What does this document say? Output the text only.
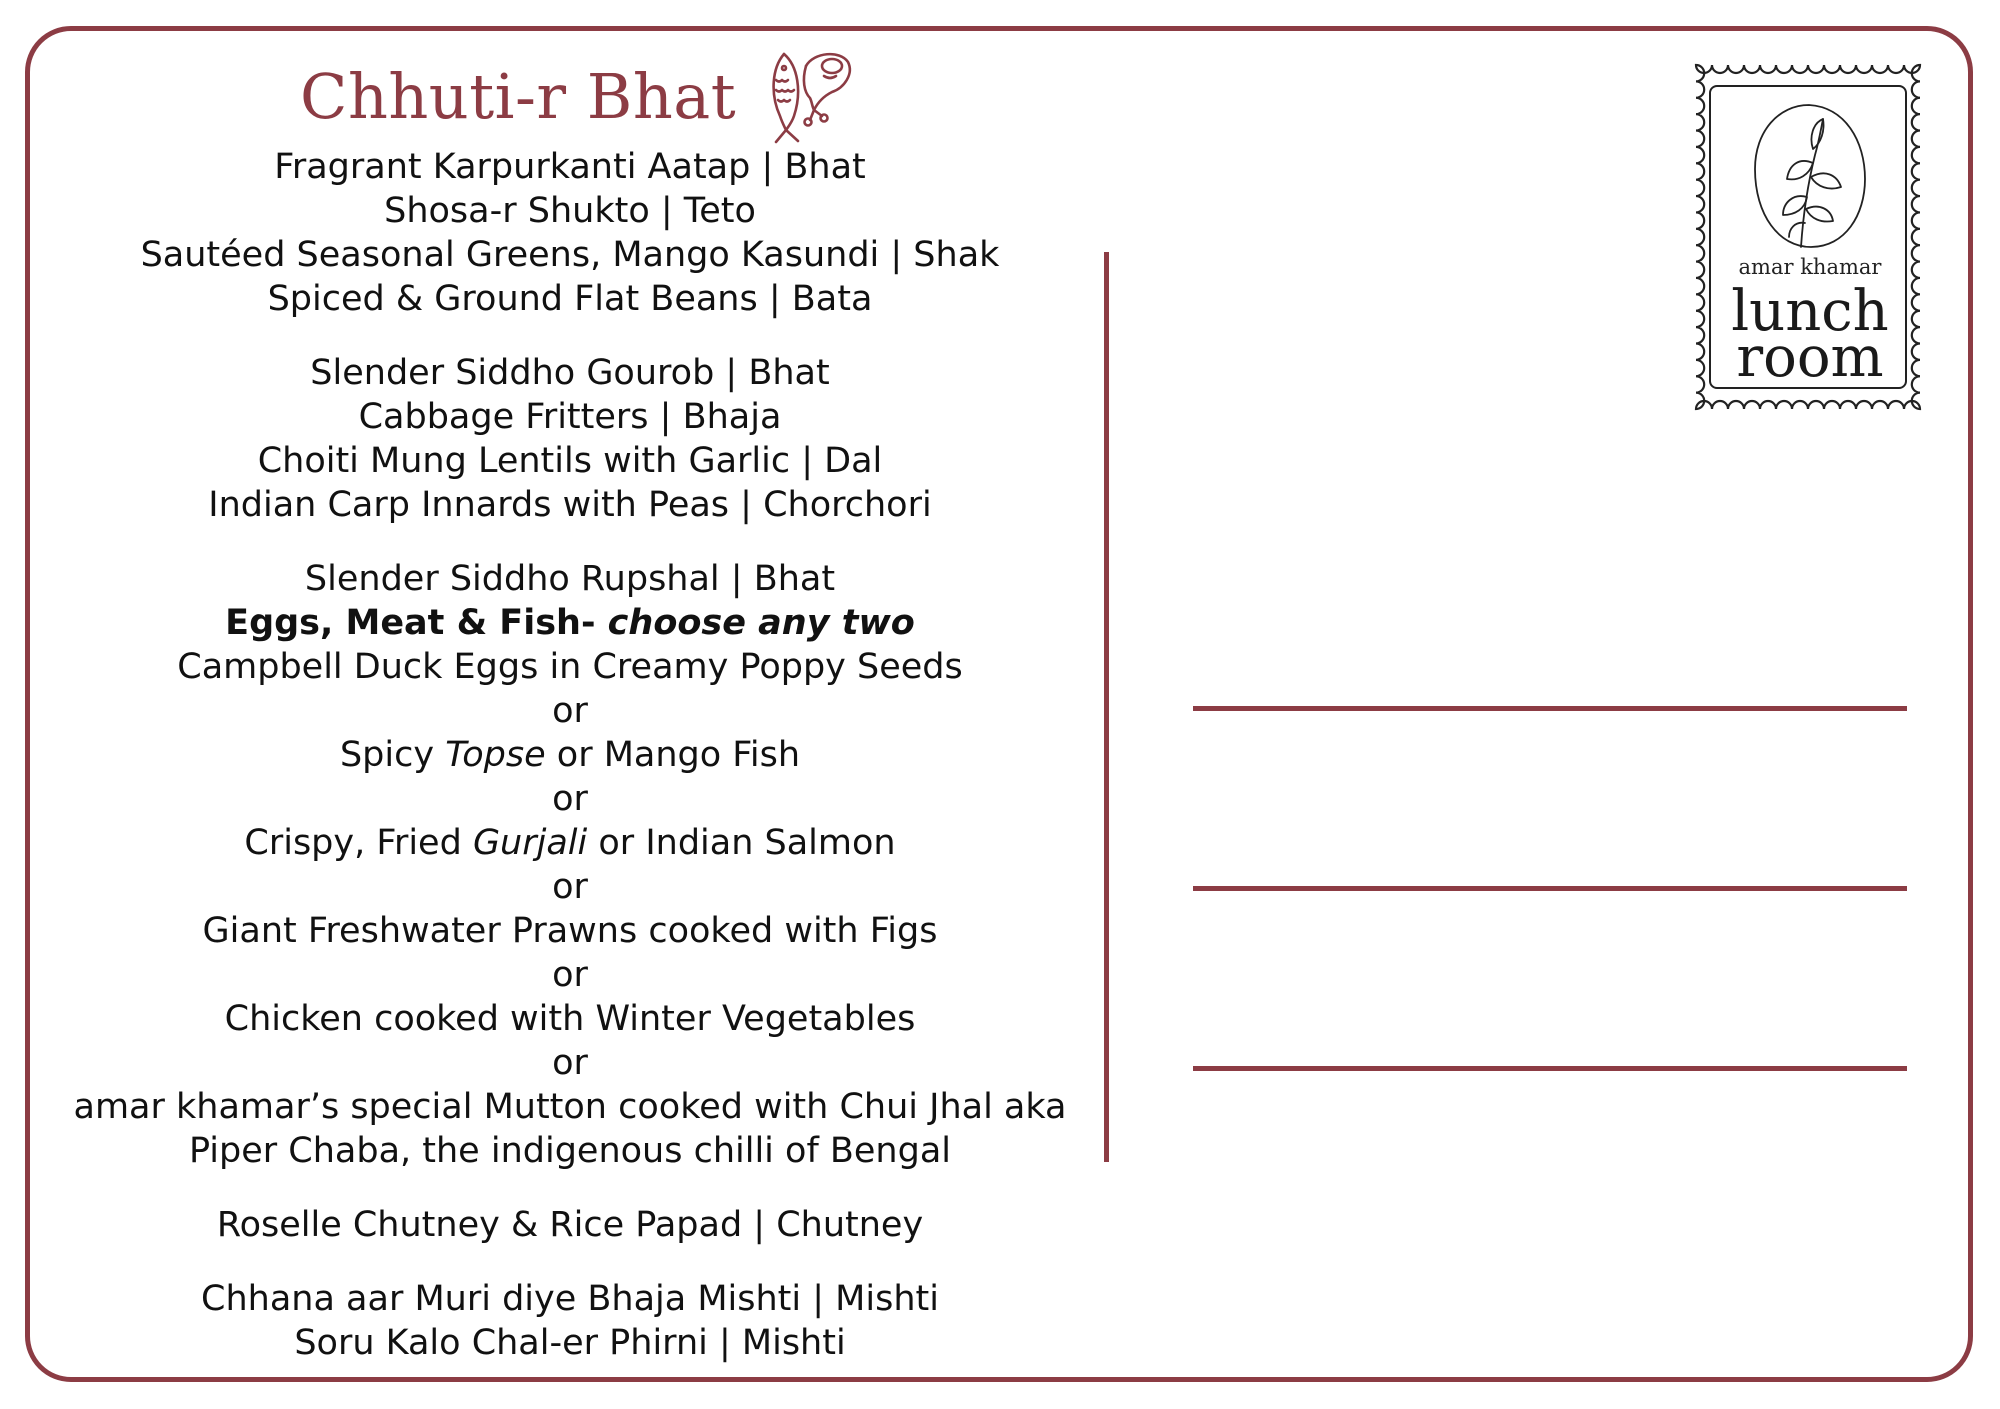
Chhuti-r Bhat
Fragrant Karpurkanti Aatap | Bhat
Shosa-r Shukto | Teto
Sautéed Seasonal Greens, Mango Kasundi | Shak
Spiced & Ground Flat Beans | Bata
Slender Siddho Gourob | Bhat
Cabbage Fritters | Bhaja
Choiti Mung Lentils with Garlic | Dal
Indian Carp Innards with Peas | Chorchori
Slender Siddho Rupshal | Bhat
Eggs, Meat & Fish- choose any two
Campbell Duck Eggs in Creamy Poppy Seeds
or
Spicy Topse or Mango Fish
or
Crispy, Fried Gurjali or Indian Salmon
or
Giant Freshwater Prawns cooked with Figs
or
Chicken cooked with Winter Vegetables
or
amar khamar’s special Mutton cooked with Chui Jhal aka
Piper Chaba, the indigenous chilli of Bengal
Roselle Chutney & Rice Papad | Chutney
Chhana aar Muri diye Bhaja Mishti | Mishti
Soru Kalo Chal-er Phirni | Mishti
amar khamar
lunch
room
